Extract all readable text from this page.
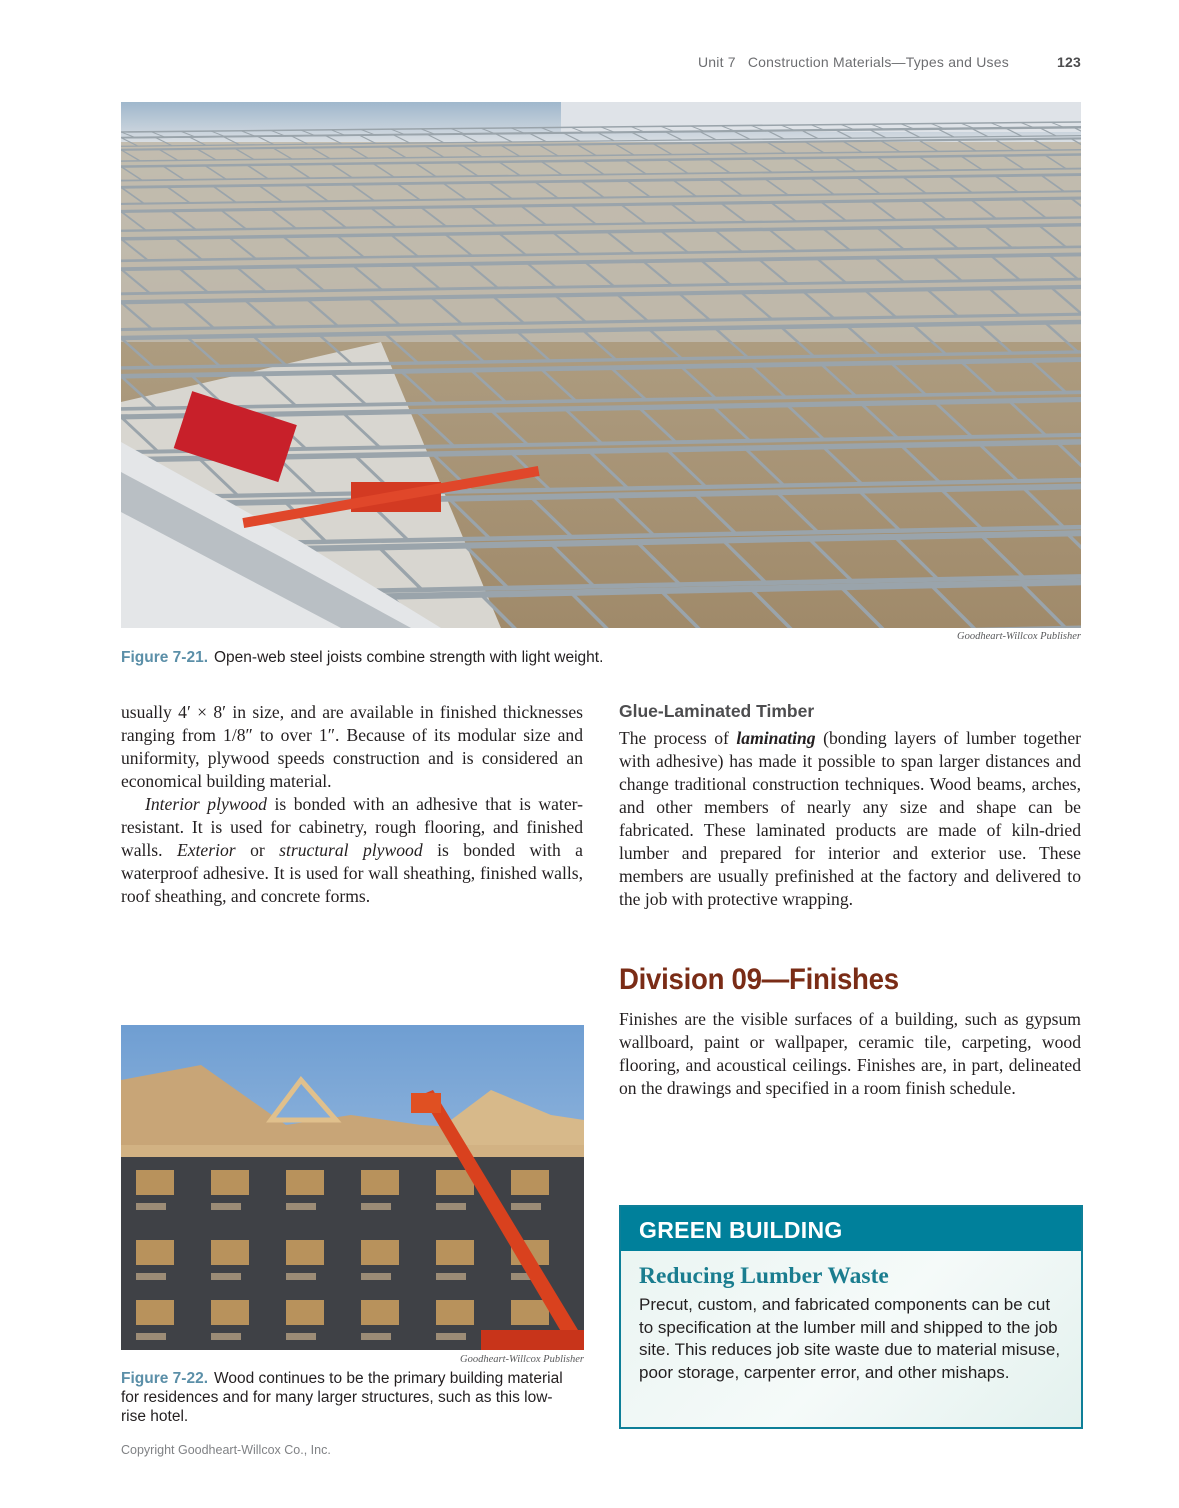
Unit 7 Construction Materials—Types and Uses	123
Goodheart-Willcox Publisher
Figure 7-21. Open-web steel joists combine strength with light weight.

usually 4′ × 8′ in size, and are available in finished thicknesses ranging from 1/8″ to over 1″. Because of its modular size and uniformity, plywood speeds construction and is considered an economical building material.

Interior plywood is bonded with an adhesive that is water-resistant. It is used for cabinetry, rough flooring, and finished walls. Exterior or structural plywood is bonded with a waterproof adhesive. It is used for wall sheathing, finished walls, roof sheathing, and concrete forms.

Glue-Laminated Timber

The process of laminating (bonding layers of lumber together with adhesive) has made it possible to span larger distances and change traditional construction techniques. Wood beams, arches, and other members of nearly any size and shape can be fabricated. These laminated products are made of kiln-dried lumber and prepared for interior and exterior use. These members are usually prefinished at the factory and delivered to the job with protective wrapping.

Division 09—Finishes
Finishes are the visible surfaces of a building, such as gypsum wallboard, paint or wallpaper, ceramic tile, carpeting, wood flooring, and acoustical ceilings. Finishes are, in part, delineated on the drawings and specified in a room finish schedule.
Goodheart-Willcox Publisher
Figure 7-22. Wood continues to be the primary building material for residences and for many larger structures, such as this low-rise hotel.
GREEN BUILDING
Reducing Lumber Waste
Precut, custom, and fabricated components can be cut to specification at the lumber mill and shipped to the job site. This reduces job site waste due to material misuse, poor storage, carpenter error, and other mishaps.
Copyright Goodheart-Willcox Co., Inc.
